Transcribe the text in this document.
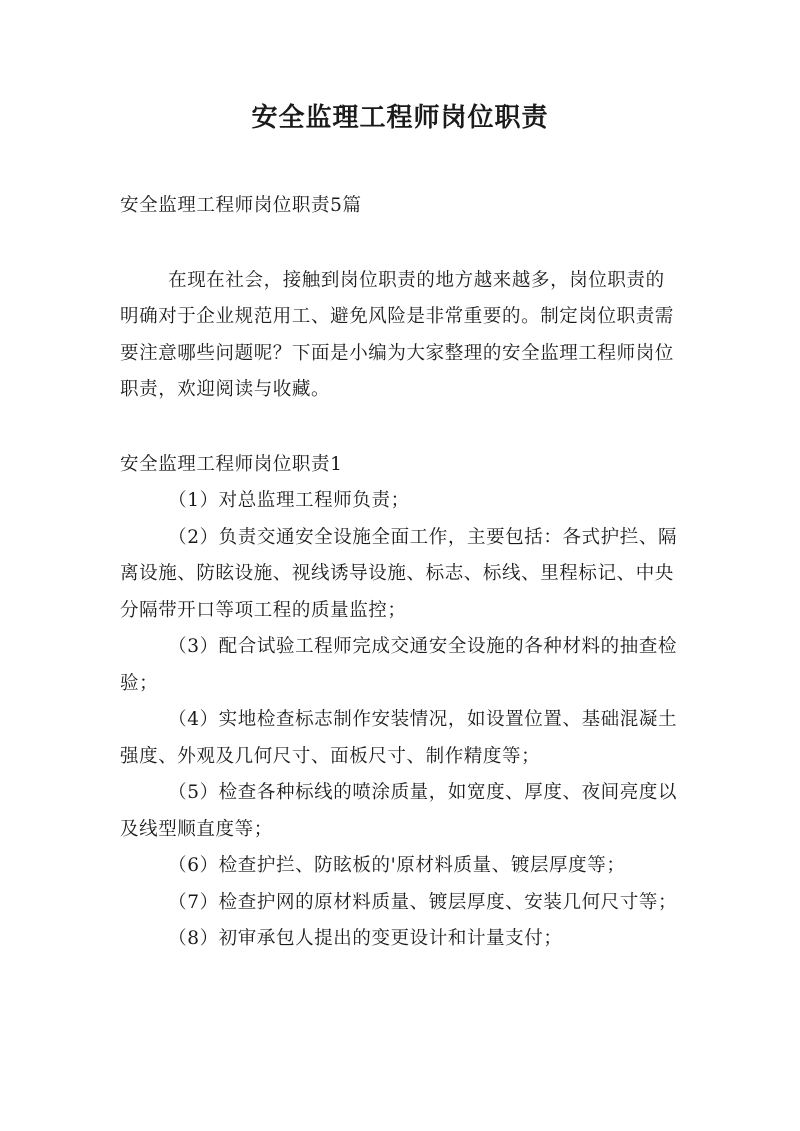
安全监理工程师岗位职责

安全监理工程师岗位职责5篇

在现在社会，接触到岗位职责的地方越来越多，岗位职责的明确对于企业规范用工、避免风险是非常重要的。制定岗位职责需要注意哪些问题呢？下面是小编为大家整理的安全监理工程师岗位职责，欢迎阅读与收藏。

安全监理工程师岗位职责1

（1）对总监理工程师负责；

（2）负责交通安全设施全面工作，主要包括：各式护拦、隔离设施、防眩设施、视线诱导设施、标志、标线、里程标记、中央分隔带开口等项工程的质量监控；

（3）配合试验工程师完成交通安全设施的各种材料的抽查检验；

（4）实地检查标志制作安装情况，如设置位置、基础混凝土强度、外观及几何尺寸、面板尺寸、制作精度等；

（5）检查各种标线的喷涂质量，如宽度、厚度、夜间亮度以及线型顺直度等；

（6）检查护拦、防眩板的'原材料质量、镀层厚度等；

（7）检查护网的原材料质量、镀层厚度、安装几何尺寸等；

（8）初审承包人提出的变更设计和计量支付；
